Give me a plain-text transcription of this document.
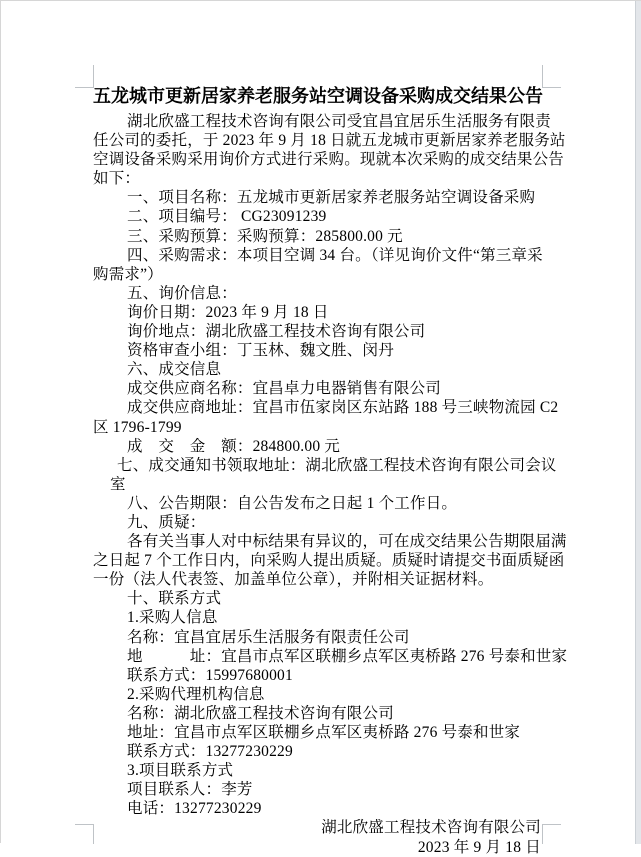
五龙城市更新居家养老服务站空调设备采购成交结果公告
湖北欣盛工程技术咨询有限公司受宜昌宜居乐生活服务有限责
任公司的委托，于 2023 年 9 月 18 日就五龙城市更新居家养老服务站
空调设备采购采用询价方式进行采购。现就本次采购的成交结果公告
如下：
一、项目名称：五龙城市更新居家养老服务站空调设备采购
二、项目编号： CG23091239
三、采购预算：采购预算：285800.00 元
四、采购需求：本项目空调 34 台。（详见询价文件“第三章采
购需求”）
五、询价信息：
询价日期：2023 年 9 月 18 日
询价地点：湖北欣盛工程技术咨询有限公司
资格审查小组：丁玉林、魏文胜、闵丹
六、成交信息
成交供应商名称：宜昌卓力电器销售有限公司
成交供应商地址：宜昌市伍家岗区东站路 188 号三峡物流园 C2
区 1796-1799
成　交　金　额：284800.00 元
七、成交通知书领取地址：湖北欣盛工程技术咨询有限公司会议
室
八、公告期限：自公告发布之日起 1 个工作日。
九、质疑：
各有关当事人对中标结果有异议的，可在成交结果公告期限届满
之日起 7 个工作日内，向采购人提出质疑。质疑时请提交书面质疑函
一份（法人代表签、加盖单位公章），并附相关证据材料。
十、联系方式
1.采购人信息
名称：宜昌宜居乐生活服务有限责任公司
地　　　址：宜昌市点军区联棚乡点军区夷桥路 276 号泰和世家
联系方式：15997680001
2.采购代理机构信息
名称：湖北欣盛工程技术咨询有限公司
地址：宜昌市点军区联棚乡点军区夷桥路 276 号泰和世家
联系方式：13277230229
3.项目联系方式
项目联系人：李芳
电话：13277230229
湖北欣盛工程技术咨询有限公司
2023 年 9 月 18 日
